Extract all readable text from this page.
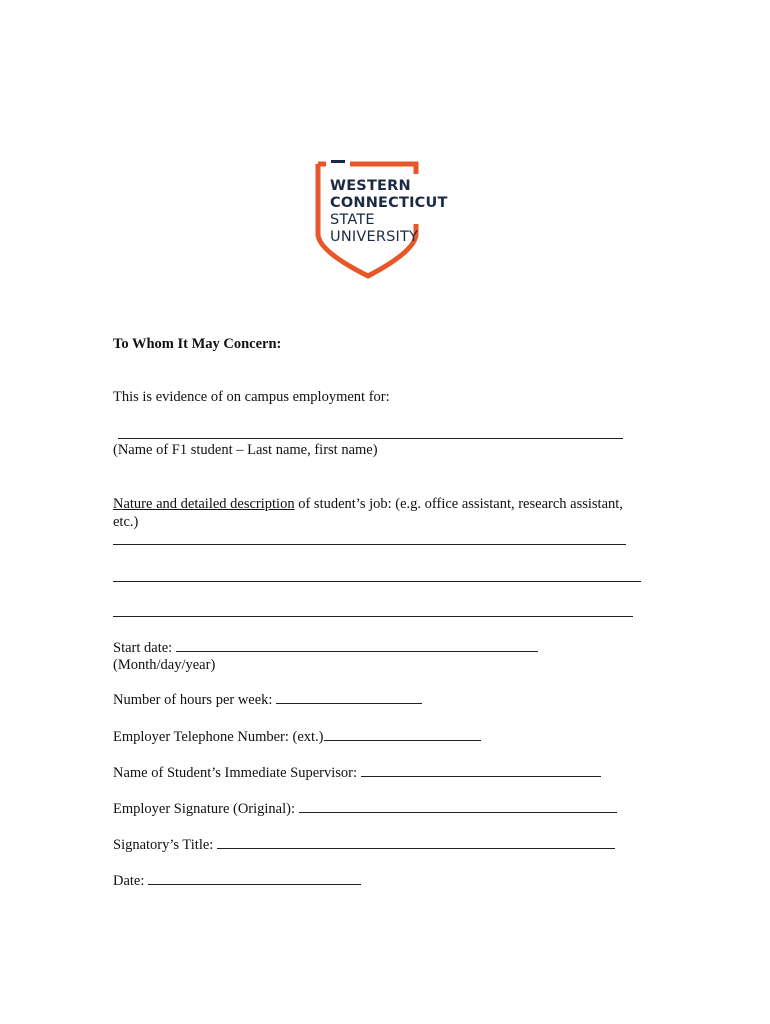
WESTERN
CONNECTICUT
STATE
UNIVERSITY
To Whom It May Concern:
This is evidence of on campus employment for:
(Name of F1 student – Last name, first name)
Nature and detailed description of student’s job: (e.g. office assistant, research assistant,
etc.)
Start date:
(Month/day/year)
Number of hours per week:
Employer Telephone Number: (ext.)
Name of Student’s Immediate Supervisor:
Employer Signature (Original):
Signatory’s Title:
Date:
